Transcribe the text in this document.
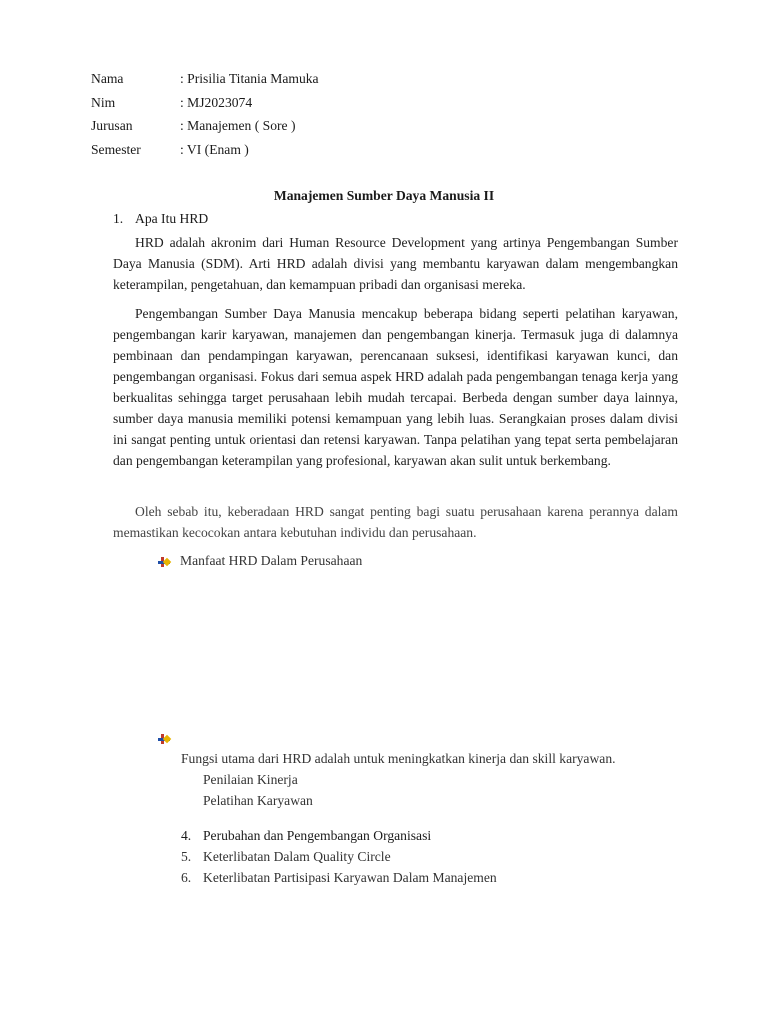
Nama	: Prisilia Titania Mamuka
Nim	: MJ2023074
Jurusan	: Manajemen ( Sore )
Semester	: VI (Enam )
Manajemen Sumber Daya Manusia II
1. Apa Itu HRD
HRD adalah akronim dari Human Resource Development yang artinya Pengembangan Sumber Daya Manusia (SDM). Arti HRD adalah divisi yang membantu karyawan dalam mengembangkan keterampilan, pengetahuan, dan kemampuan pribadi dan organisasi mereka.
Pengembangan Sumber Daya Manusia mencakup beberapa bidang seperti pelatihan karyawan, pengembangan karir karyawan, manajemen dan pengembangan kinerja. Termasuk juga di dalamnya pembinaan dan pendampingan karyawan, perencanaan suksesi, identifikasi karyawan kunci, dan pengembangan organisasi. Fokus dari semua aspek HRD adalah pada pengembangan tenaga kerja yang berkualitas sehingga target perusahaan lebih mudah tercapai. Berbeda dengan sumber daya lainnya, sumber daya manusia memiliki potensi kemampuan yang lebih luas. Serangkaian proses dalam divisi ini sangat penting untuk orientasi dan retensi karyawan. Tanpa pelatihan yang tepat serta pembelajaran dan pengembangan keterampilan yang profesional, karyawan akan sulit untuk berkembang.
Oleh sebab itu, keberadaan HRD sangat penting bagi suatu perusahaan karena perannya dalam memastikan kecocokan antara kebutuhan individu dan perusahaan.
Manfaat HRD Dalam Perusahaan
Fungsi utama dari HRD adalah untuk meningkatkan kinerja dan skill karyawan.
Penilaian Kinerja
Pelatihan Karyawan
4. Perubahan dan Pengembangan Organisasi
5. Keterlibatan Dalam Quality Circle
6. Keterlibatan Partisipasi Karyawan Dalam Manajemen
